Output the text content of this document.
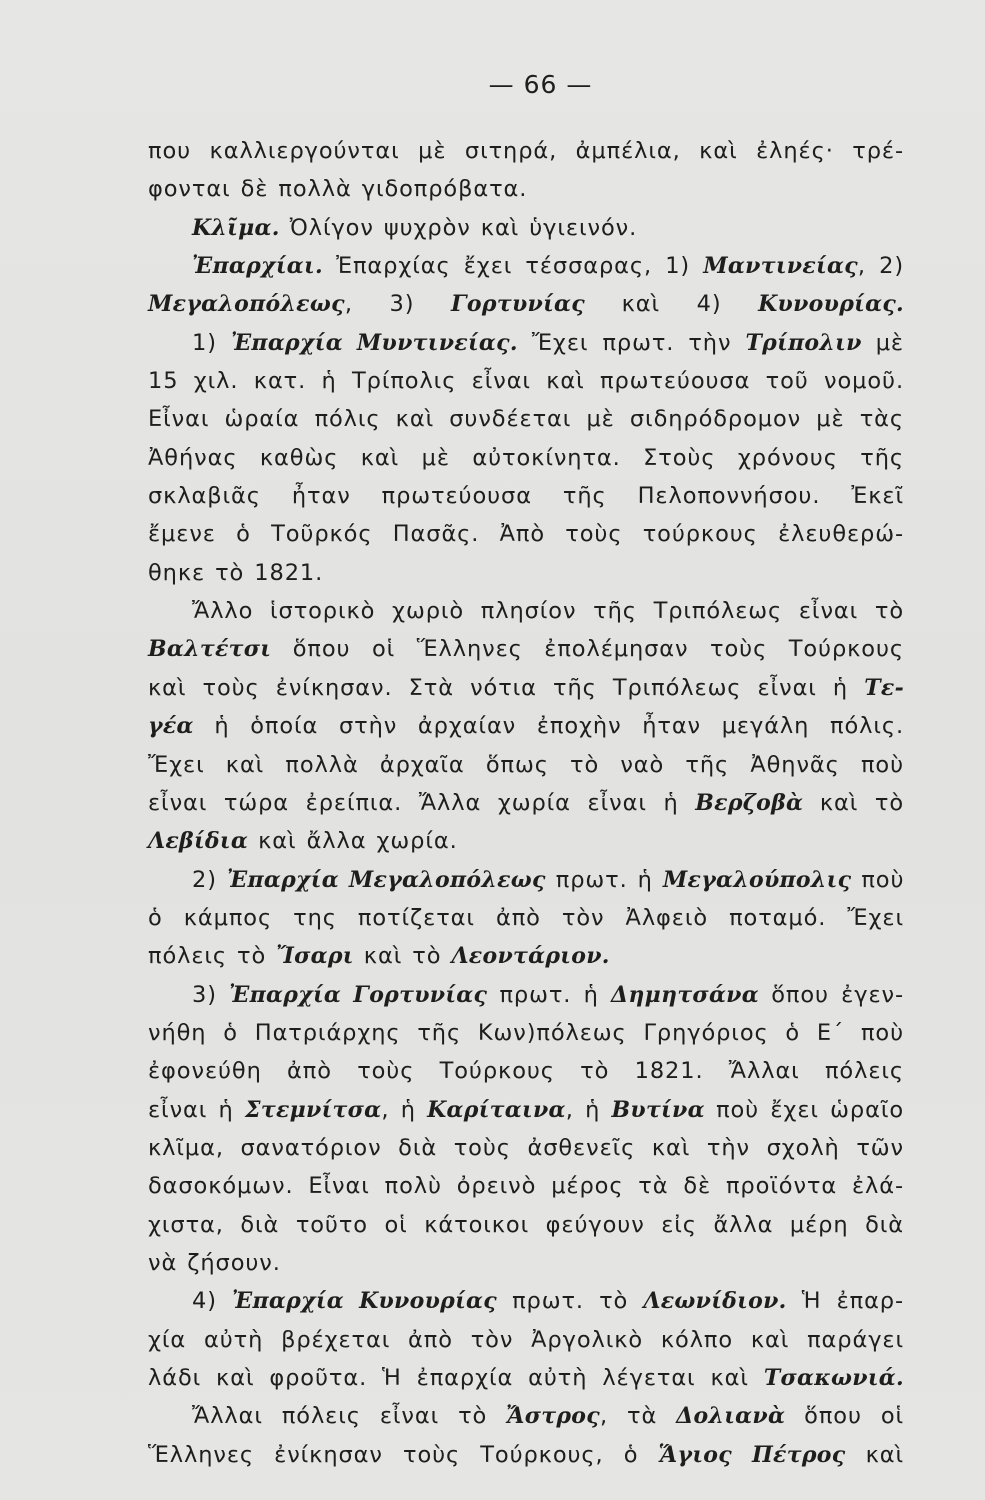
— 66 —
που καλλιεργούνται μὲ σιτηρά, ἀμπέλια, καὶ ἐληές· τρέ-
φονται δὲ πολλὰ γιδοπρόβατα.
Κλῖμα. Ὀλίγον ψυχρὸν καὶ ὑγιεινόν.
Ἐπαρχίαι. Ἐπαρχίας ἔχει τέσσαρας, 1) Μαντινείας, 2)
Μεγαλοπόλεως, 3) Γορτυνίας καὶ 4) Κυνουρίας.
1) Ἐπαρχία Μυντινείας. Ἔχει πρωτ. τὴν Τρίπολιν μὲ
15 χιλ. κατ. ἡ Τρίπολις εἶναι καὶ πρωτεύουσα τοῦ νομοῦ.
Εἶναι ὡραία πόλις καὶ συνδέεται μὲ σιδηρόδρομον μὲ τὰς
Ἀθήνας καθὼς καὶ μὲ αὐτοκίνητα. Στοὺς χρόνους τῆς
σκλαβιᾶς ἦταν πρωτεύουσα τῆς Πελοποννήσου. Ἐκεῖ
ἔμενε ὁ Τοῦρκός Πασᾶς. Ἀπὸ τοὺς τούρκους ἐλευθερώ-
θηκε τὸ 1821.
Ἄλλο ἱστορικὸ χωριὸ πλησίον τῆς Τριπόλεως εἶναι τὸ
Βαλτέτσι ὅπου οἱ Ἕλληνες ἐπολέμησαν τοὺς Τούρκους
καὶ τοὺς ἐνίκησαν. Στὰ νότια τῆς Τριπόλεως εἶναι ἡ Τε-
γέα ἡ ὁποία στὴν ἀρχαίαν ἐποχὴν ἦταν μεγάλη πόλις.
Ἔχει καὶ πολλὰ ἀρχαῖα ὅπως τὸ ναὸ τῆς Ἀθηνᾶς ποὺ
εἶναι τώρα ἐρείπια. Ἄλλα χωρία εἶναι ἡ Βερζοβὰ καὶ τὸ
Λεβίδια καὶ ἄλλα χωρία.
2) Ἐπαρχία Μεγαλοπόλεως πρωτ. ἡ Μεγαλούπολις ποὺ
ὁ κάμπος της ποτίζεται ἀπὸ τὸν Ἀλφειὸ ποταμό. Ἔχει
πόλεις τὸ Ἴσαρι καὶ τὸ Λεοντάριον.
3) Ἐπαρχία Γορτυνίας πρωτ. ἡ Δημητσάνα ὅπου ἐγεν-
νήθη ὁ Πατριάρχης τῆς Κων)πόλεως Γρηγόριος ὁ Ε΄ ποὺ
ἐφονεύθη ἀπὸ τοὺς Τούρκους τὸ 1821. Ἄλλαι πόλεις
εἶναι ἡ Στεμνίτσα, ἡ Καρίταινα, ἡ Βυτίνα ποὺ ἔχει ὡραῖο
κλῖμα, σανατόριον διὰ τοὺς ἀσθενεῖς καὶ τὴν σχολὴ τῶν
δασοκόμων. Εἶναι πολὺ ὀρεινὸ μέρος τὰ δὲ προϊόντα ἐλά-
χιστα, διὰ τοῦτο οἱ κάτοικοι φεύγουν εἰς ἄλλα μέρη διὰ
νὰ ζήσουν.
4) Ἐπαρχία Κυνουρίας πρωτ. τὸ Λεωνίδιον. Ἡ ἐπαρ-
χία αὐτὴ βρέχεται ἀπὸ τὸν Ἀργολικὸ κόλπο καὶ παράγει
λάδι καὶ φροῦτα. Ἡ ἐπαρχία αὐτὴ λέγεται καὶ Τσακωνιά.
Ἄλλαι πόλεις εἶναι τὸ Ἄστρος, τὰ Δολιανὰ ὅπου οἱ
Ἕλληνες ἐνίκησαν τοὺς Τούρκους, ὁ Ἅγιος Πέτρος καὶ
